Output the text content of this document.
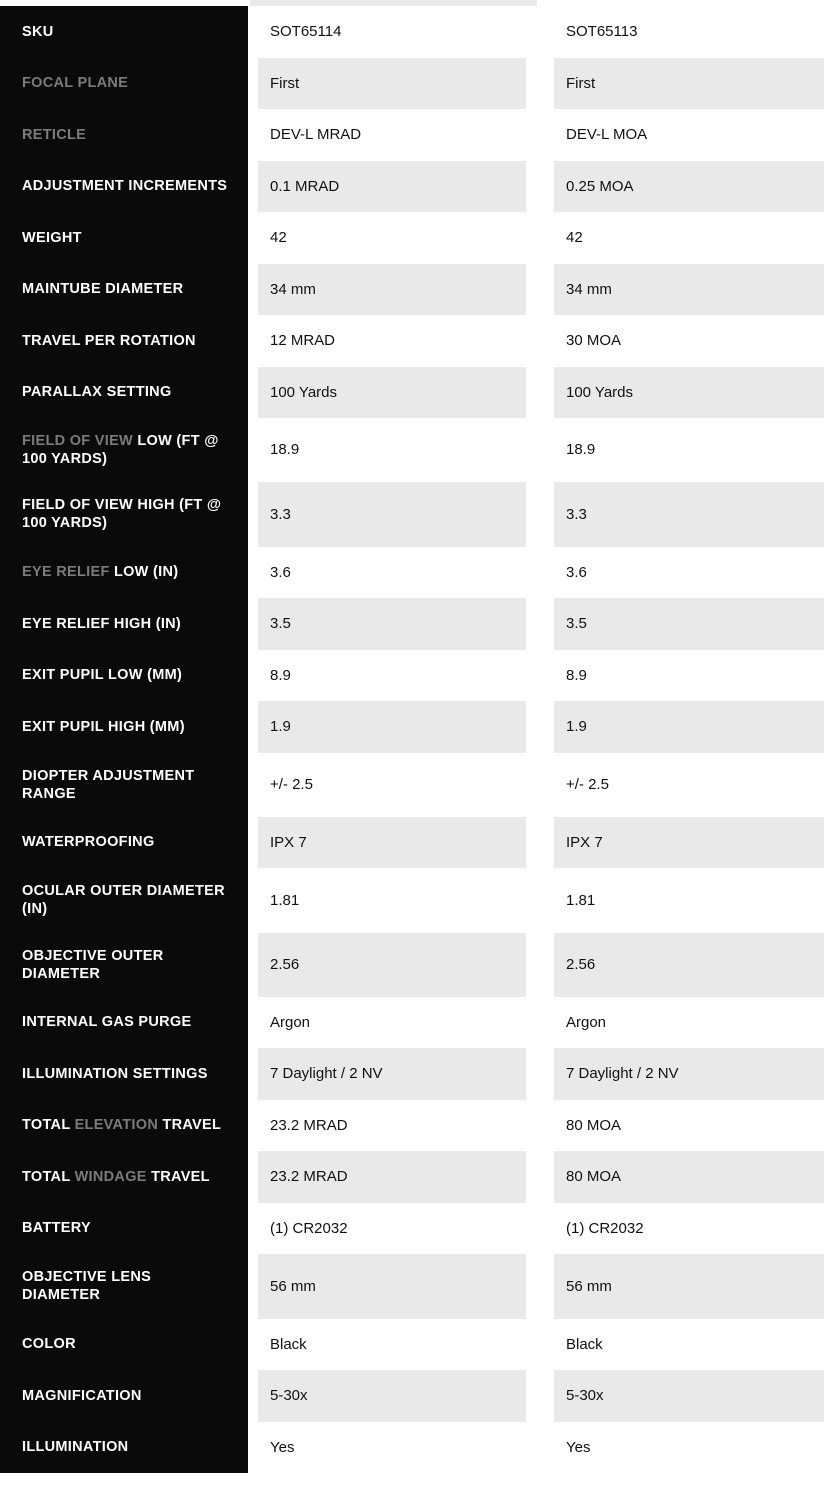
SKU	SOT65114	SOT65113
FOCAL PLANE	First	First
RETICLE	DEV-L MRAD	DEV-L MOA
ADJUSTMENT INCREMENTS	0.1 MRAD	0.25 MOA
WEIGHT	42	42
MAINTUBE DIAMETER	34 mm	34 mm
TRAVEL PER ROTATION	12 MRAD	30 MOA
PARALLAX SETTING	100 Yards	100 Yards
FIELD OF VIEW LOW (FT @ 100 YARDS)	18.9	18.9
FIELD OF VIEW HIGH (FT @ 100 YARDS)	3.3	3.3
EYE RELIEF LOW (IN)	3.6	3.6
EYE RELIEF HIGH (IN)	3.5	3.5
EXIT PUPIL LOW (MM)	8.9	8.9
EXIT PUPIL HIGH (MM)	1.9	1.9
DIOPTER ADJUSTMENT RANGE	+/- 2.5	+/- 2.5
WATERPROOFING	IPX 7	IPX 7
OCULAR OUTER DIAMETER (IN)	1.81	1.81
OBJECTIVE OUTER DIAMETER	2.56	2.56
INTERNAL GAS PURGE	Argon	Argon
ILLUMINATION SETTINGS	7 Daylight / 2 NV	7 Daylight / 2 NV
TOTAL ELEVATION TRAVEL	23.2 MRAD	80 MOA
TOTAL WINDAGE TRAVEL	23.2 MRAD	80 MOA
BATTERY	(1) CR2032	(1) CR2032
OBJECTIVE LENS DIAMETER	56 mm	56 mm
COLOR	Black	Black
MAGNIFICATION	5-30x	5-30x
ILLUMINATION	Yes	Yes
